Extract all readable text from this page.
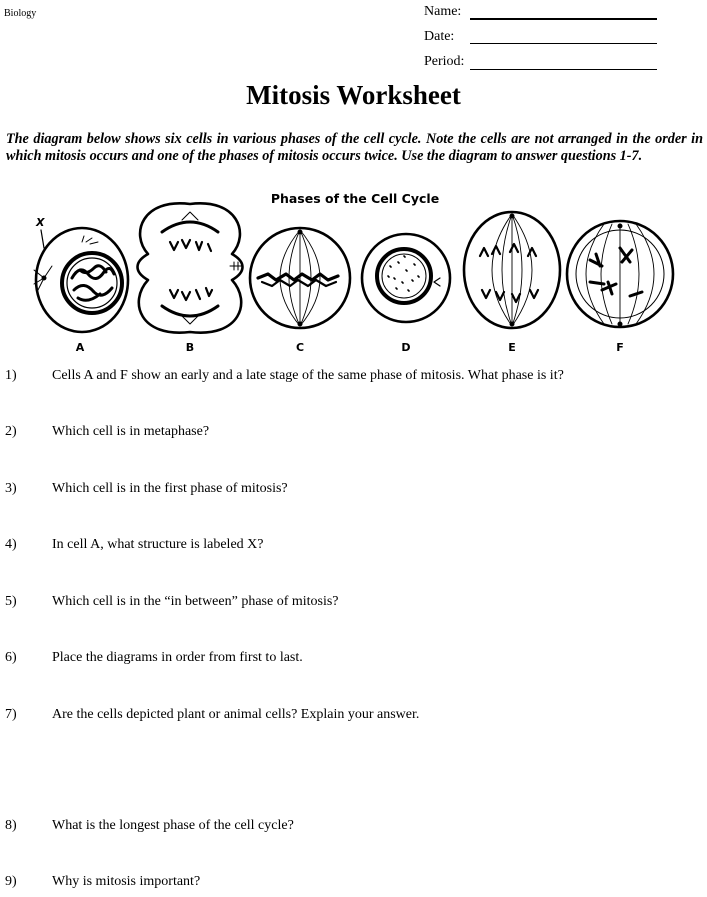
Biology	Name:
Date:
Period:
Mitosis Worksheet

The diagram below shows six cells in various phases of the cell cycle. Note the cells are not arranged in the order in which mitosis occurs and one of the phases of mitosis occurs twice. Use the diagram to answer questions 1-7.

Phases of the Cell Cycle
X
A	B	C	D	E	F
1)	Cells A and F show an early and a late stage of the same phase of mitosis. What phase is it?
2)	Which cell is in metaphase?
3)	Which cell is in the first phase of mitosis?
4)	In cell A, what structure is labeled X?
5)	Which cell is in the “in between” phase of mitosis?
6)	Place the diagrams in order from first to last.
7)	Are the cells depicted plant or animal cells? Explain your answer.
8)	What is the longest phase of the cell cycle?
9)	Why is mitosis important?
